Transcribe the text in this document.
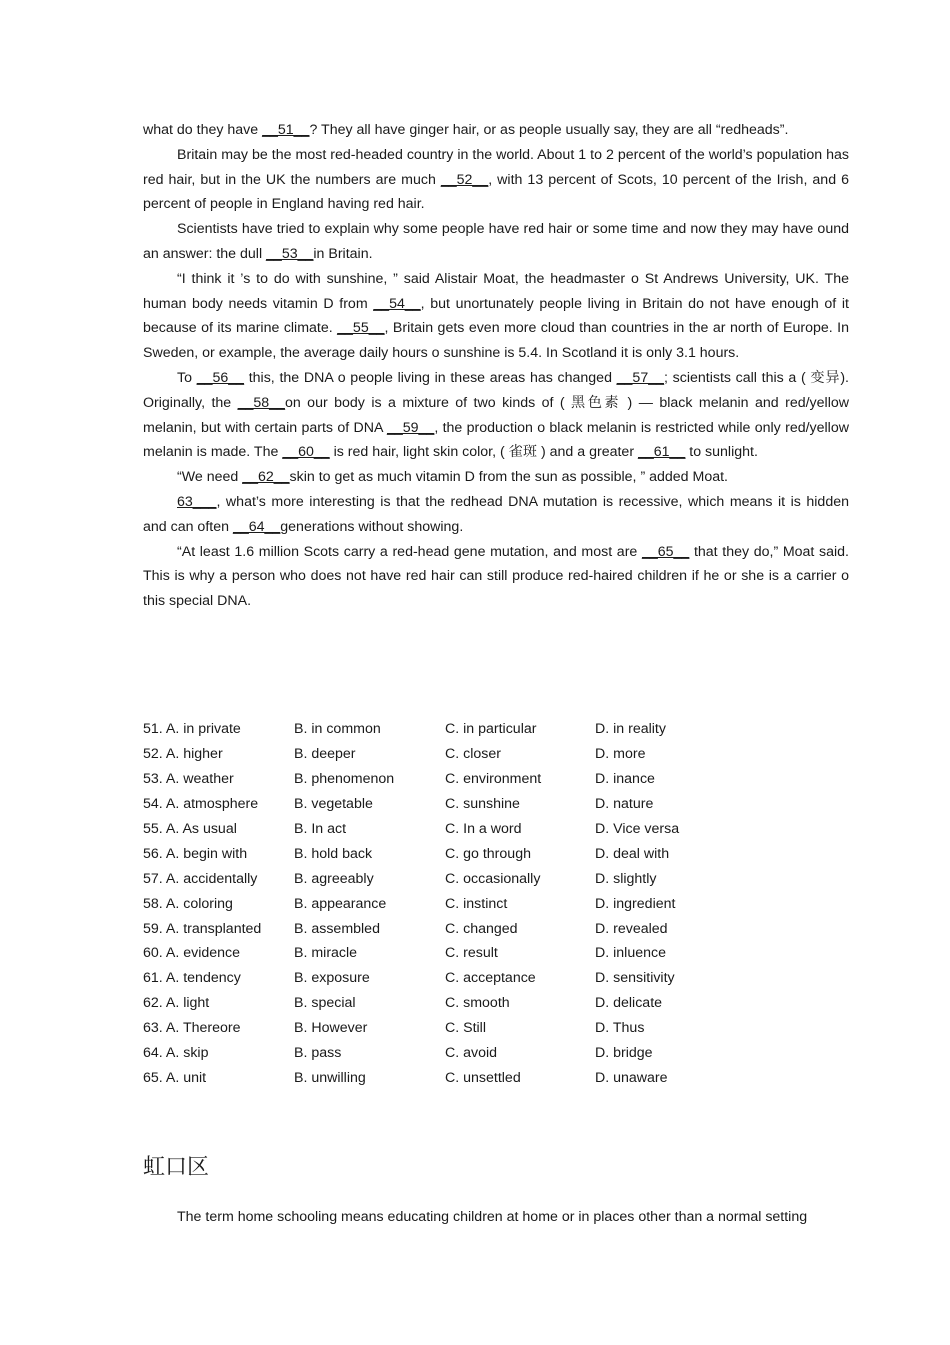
what do they have __51__? They all have ginger hair, or as people usually say, they are all “redheads”.

Britain may be the most red-headed country in the world. About 1 to 2 percent of the world’s population has red hair, but in the UK the numbers are much __52__, with 13 percent of Scots, 10 percent of the Irish, and 6 percent of people in England having red hair.

Scientists have tried to explain why some people have red hair or some time and now they may have ound an answer: the dull __53__in Britain.

“I think it ’s to do with sunshine, ” said Alistair Moat, the headmaster o St Andrews University, UK. The human body needs vitamin D from __54__, but unortunately people living in Britain do not have enough of it because of its marine climate. __55__, Britain gets even more cloud than countries in the ar north of Europe. In Sweden, or example, the average daily hours o sunshine is 5.4. In Scotland it is only 3.1 hours.

To __56__ this, the DNA o people living in these areas has changed __57__; scientists call this a ( 变异). Originally, the __58__on our body is a mixture of two kinds of ( 黑色素 ) — black melanin and red/yellow melanin, but with certain parts of DNA __59__, the production o black melanin is restricted while only red/yellow melanin is made. The __60__ is red hair, light skin color, ( 雀斑 ) and a greater __61__ to sunlight.

“We need __62__skin to get as much vitamin D from the sun as possible, ” added Moat.

63___, what’s more interesting is that the redhead DNA mutation is recessive, which means it is hidden and can often __64__generations without showing.

“At least 1.6 million Scots carry a red-head gene mutation, and most are __65__ that they do,” Moat said. This is why a person who does not have red hair can still produce red-haired children if he or she is a carrier o this special DNA.

51. A. in private	B. in common	C. in particular	D. in reality
52. A. higher	B. deeper	C. closer	D. more
53. A. weather	B. phenomenon	C. environment	D. inance
54. A. atmosphere	B. vegetable	C. sunshine	D. nature
55. A. As usual	B. In act	C. In a word	D. Vice versa
56. A. begin with	B. hold back	C. go through	D. deal with
57. A. accidentally	B. agreeably	C. occasionally	D. slightly
58. A. coloring	B. appearance	C. instinct	D. ingredient
59. A. transplanted	B. assembled	C. changed	D. revealed
60. A. evidence	B. miracle	C. result	D. inluence
61. A. tendency	B. exposure	C. acceptance	D. sensitivity
62. A. light	B. special	C. smooth	D. delicate
63. A. Thereore	B. However	C. Still	D. Thus
64. A. skip	B. pass	C. avoid	D. bridge
65. A. unit	B. unwilling	C. unsettled	D. unaware
虹口区

The term home schooling means educating children at home or in places other than a normal setting
